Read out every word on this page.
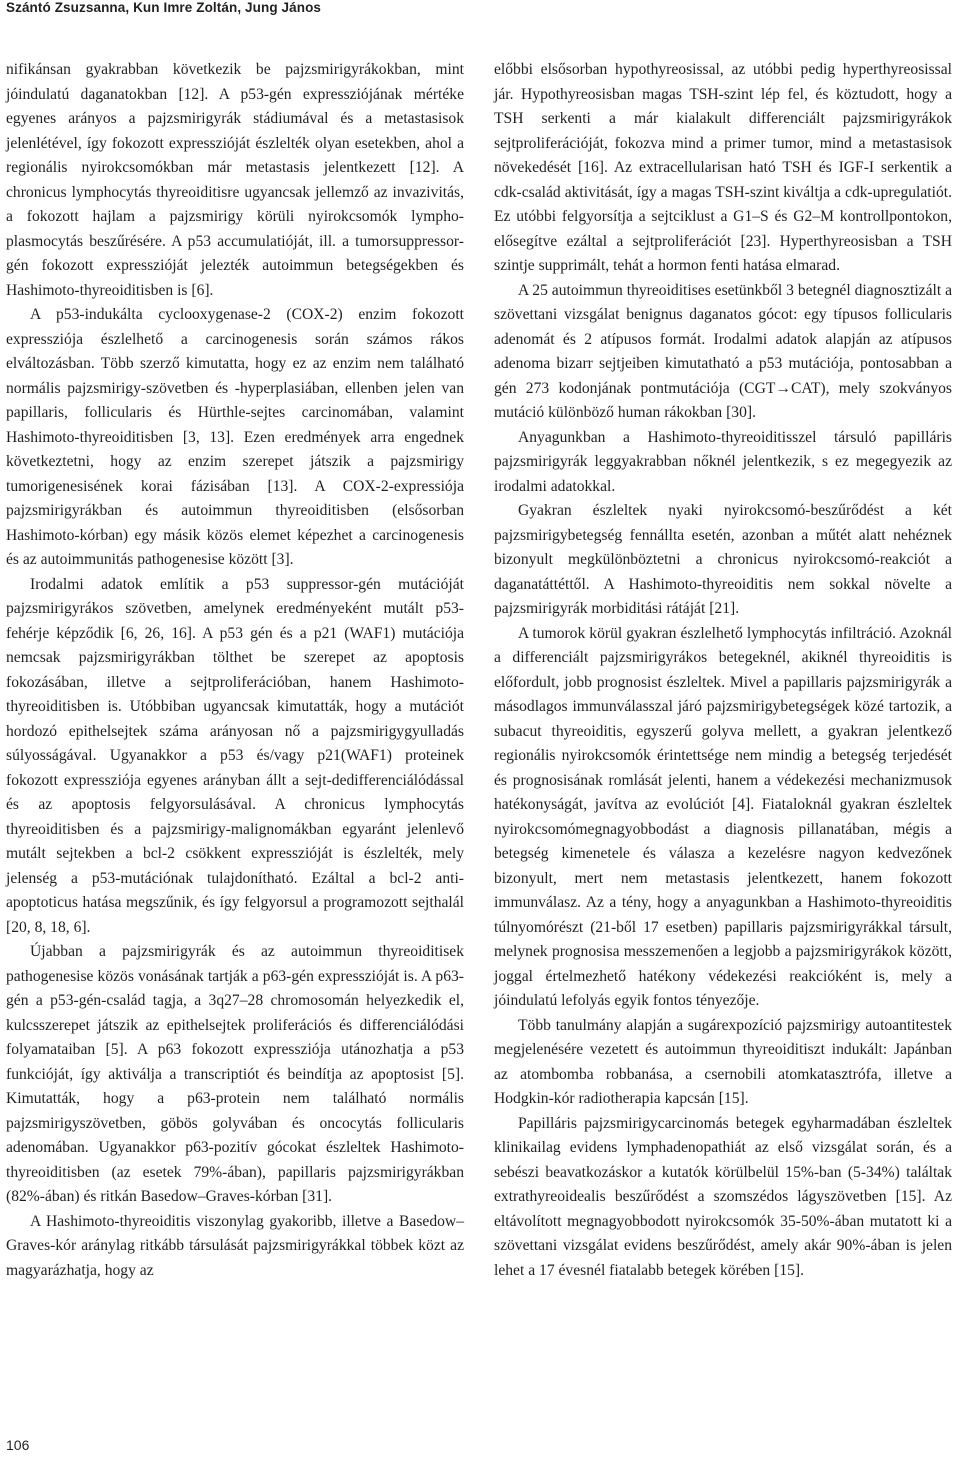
Szántó Zsuzsanna, Kun Imre Zoltán, Jung János

nifikánsan gyakrabban következik be pajzsmirigyrákokban, mint jóindulatú daganatokban [12]. A p53-gén expressziójának mértéke egyenes arányos a pajzsmirigyrák stádiumával és a metastasisok jelenlétével, így fokozott expresszióját észlelték olyan esetekben, ahol a regionális nyirokcsomókban már metastasis jelentkezett [12]. A chronicus lymphocytás thyreoiditisre ugyancsak jellemző az invazivitás, a fokozott hajlam a pajzsmirigy körüli nyirokcsomók lympho-plasmocytás beszűrésére. A p53 accumulatióját, ill. a tumorsuppressor-gén fokozott expresszióját jelezték autoimmun betegségekben és Hashimoto-thyreoiditisben is [6].

A p53-indukálta cyclooxygenase-2 (COX-2) enzim fokozott expressziója észlelhető a carcinogenesis során számos rákos elváltozásban. Több szerző kimutatta, hogy ez az enzim nem található normális pajzsmirigy-szövetben és -hyperplasiában, ellenben jelen van papillaris, follicularis és Hürthle-sejtes carcinomában, valamint Hashimoto-thyreoiditisben [3, 13]. Ezen eredmények arra engednek következtetni, hogy az enzim szerepet játszik a pajzsmirigy tumorigenesisének korai fázisában [13]. A COX-2-expressiója pajzsmirigyrákban és autoimmun thyreoiditisben (elsősorban Hashimoto-kórban) egy másik közös elemet képezhet a carcinogenesis és az autoimmunitás pathogenesise között [3].

Irodalmi adatok említik a p53 suppressor-gén mutációját pajzsmirigyrákos szövetben, amelynek eredményeként mutált p53-fehérje képződik [6, 26, 16]. A p53 gén és a p21 (WAF1) mutációja nemcsak pajzsmirigyrákban tölthet be szerepet az apoptosis fokozásában, illetve a sejtproliferációban, hanem Hashimoto-thyreoiditisben is. Utóbbiban ugyancsak kimutatták, hogy a mutációt hordozó epithelsejtek száma arányosan nő a pajzsmirigygyulladás súlyosságával. Ugyanakkor a p53 és/vagy p21(WAF1) proteinek fokozott expressziója egyenes arányban állt a sejt-dedifferenciálódással és az apoptosis felgyorsulásával. A chronicus lymphocytás thyreoiditisben és a pajzsmirigy-malignomákban egyaránt jelenlevő mutált sejtekben a bcl-2 csökkent expresszióját is észlelték, mely jelenség a p53-mutációnak tulajdonítható. Ezáltal a bcl-2 anti-apoptoticus hatása megszűnik, és így felgyorsul a programozott sejthalál [20, 8, 18, 6].

Újabban a pajzsmirigyrák és az autoimmun thyreoiditisek pathogenesise közös vonásának tartják a p63-gén expresszióját is. A p63-gén a p53-gén-család tagja, a 3q27–28 chromosomán helyezkedik el, kulcsszerepet játszik az epithelsejtek proliferációs és differenciálódási folyamataiban [5]. A p63 fokozott expressziója utánozhatja a p53 funkcióját, így aktiválja a transcriptiót és beindítja az apoptosist [5]. Kimutatták, hogy a p63-protein nem található normális pajzsmirigyszövetben, göbös golyvában és oncocytás follicularis adenomában. Ugyanakkor p63-pozitív gócokat észleltek Hashimoto-thyreoiditisben (az esetek 79%-ában), papillaris pajzsmirigyrákban (82%-ában) és ritkán Basedow–Graves-kórban [31].

A Hashimoto-thyreoiditis viszonylag gyakoribb, illetve a Basedow–Graves-kór aránylag ritkább társulását pajzsmirigyrákkal többek közt az magyarázhatja, hogy az

előbbi elsősorban hypothyreosissal, az utóbbi pedig hyperthyreosissal jár. Hypothyreosisban magas TSH-szint lép fel, és köztudott, hogy a TSH serkenti a már kialakult differenciált pajzsmirigyrákok sejtproliferációját, fokozva mind a primer tumor, mind a metastasisok növekedését [16]. Az extracellularisan ható TSH és IGF-I serkentik a cdk-család aktivitását, így a magas TSH-szint kiváltja a cdk-upregulatiót. Ez utóbbi felgyorsítja a sejtciklust a G1–S és G2–M kontrollpontokon, elősegítve ezáltal a sejtproliferációt [23]. Hyperthyreosisban a TSH szintje supprimált, tehát a hormon fenti hatása elmarad.

A 25 autoimmun thyreoiditises esetünkből 3 betegnél diagnosztizált a szövettani vizsgálat benignus daganatos gócot: egy típusos follicularis adenomát és 2 atípusos formát. Irodalmi adatok alapján az atípusos adenoma bizarr sejtjeiben kimutatható a p53 mutációja, pontosabban a gén 273 kodonjának pontmutációja (CGT→CAT), mely szokványos mutáció különböző human rákokban [30].

Anyagunkban a Hashimoto-thyreoiditisszel társuló papilláris pajzsmirigyrák leggyakrabban nőknél jelentkezik, s ez megegyezik az irodalmi adatokkal.

Gyakran észleltek nyaki nyirokcsomó-beszűrődést a két pajzsmirigybetegség fennállta esetén, azonban a műtét alatt nehéznek bizonyult megkülönböztetni a chronicus nyirokcsomó-reakciót a daganatáttéttől. A Hashimoto-thyreoiditis nem sokkal növelte a pajzsmirigyrák morbiditási rátáját [21].

A tumorok körül gyakran észlelhető lymphocytás infiltráció. Azoknál a differenciált pajzsmirigyrákos betegeknél, akiknél thyreoiditis is előfordult, jobb prognosist észleltek. Mivel a papillaris pajzsmirigyrák a másodlagos immunválasszal járó pajzsmirigybetegségek közé tartozik, a subacut thyreoiditis, egyszerű golyva mellett, a gyakran jelentkező regionális nyirokcsomók érintettsége nem mindig a betegség terjedését és prognosisának romlását jelenti, hanem a védekezési mechanizmusok hatékonyságát, javítva az evolúciót [4]. Fiataloknál gyakran észleltek nyirokcsomómegnagyobbodást a diagnosis pillanatában, mégis a betegség kimenetele és válasza a kezelésre nagyon kedvezőnek bizonyult, mert nem metastasis jelentkezett, hanem fokozott immunválasz. Az a tény, hogy a anyagunkban a Hashimoto-thyreoiditis túlnyomórészt (21-ből 17 esetben) papillaris pajzsmirigyrákkal társult, melynek prognosisa messzemenően a legjobb a pajzsmirigyrákok között, joggal értelmezhető hatékony védekezési reakcióként is, mely a jóindulatú lefolyás egyik fontos tényezője.

Több tanulmány alapján a sugárexpozíció pajzsmirigy autoantitestek megjelenésére vezetett és autoimmun thyreoiditiszt indukált: Japánban az atombomba robbanása, a csernobili atomkatasztrófa, illetve a Hodgkin-kór radiotherapia kapcsán [15].

Papilláris pajzsmirigycarcinomás betegek egyharmadában észleltek klinikailag evidens lymphadenopathiát az első vizsgálat során, és a sebészi beavatkozáskor a kutatók körülbelül 15%-ban (5-34%) találtak extrathyreoidealis beszűrődést a szomszédos lágyszövetben [15]. Az eltávolított megnagyobbodott nyirokcsomók 35-50%-ában mutatott ki a szövettani vizsgálat evidens beszűrődést, amely akár 90%-ában is jelen lehet a 17 évesnél fiatalabb betegek körében [15].

106
